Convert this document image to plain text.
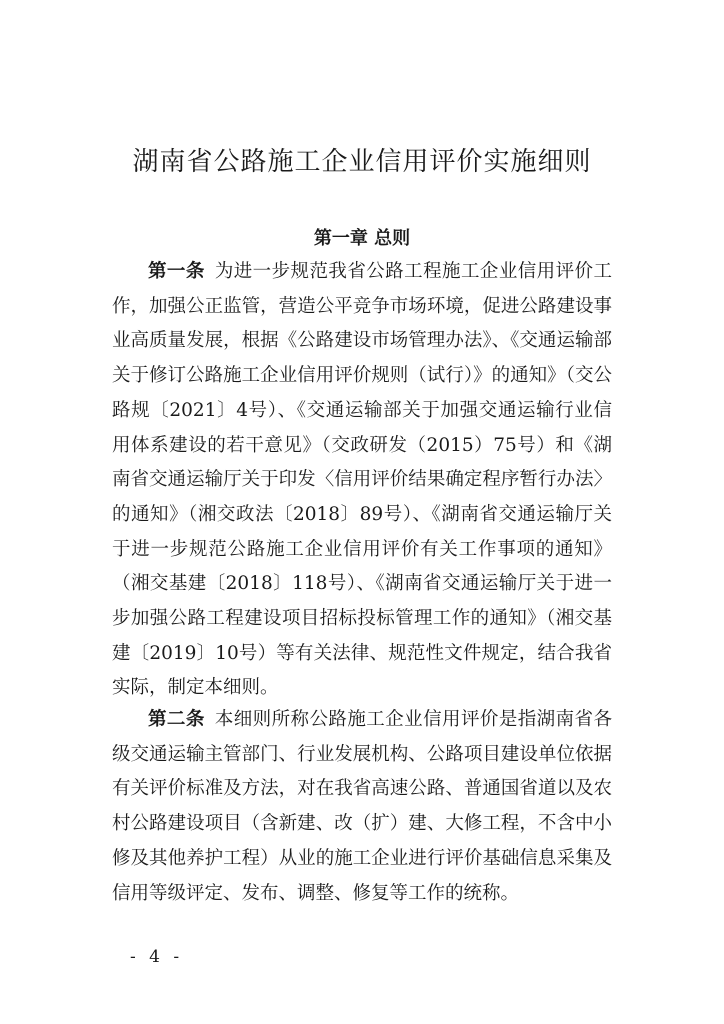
湖南省公路施工企业信用评价实施细则
第一章 总则

第一条 为进一步规范我省公路工程施工企业信用评价工作，加强公正监管，营造公平竞争市场环境，促进公路建设事业高质量发展，根据《公路建设市场管理办法》、《交通运输部关于修订公路施工企业信用评价规则（试行）》的通知》（交公路规〔2021〕4号）、《交通运输部关于加强交通运输行业信用体系建设的若干意见》（交政研发（2015）75号）和《湖南省交通运输厅关于印发〈信用评价结果确定程序暂行办法〉的通知》（湘交政法〔2018〕89号）、《湖南省交通运输厅关于进一步规范公路施工企业信用评价有关工作事项的通知》（湘交基建〔2018〕118号）、《湖南省交通运输厅关于进一步加强公路工程建设项目招标投标管理工作的通知》（湘交基建〔2019〕10号）等有关法律、规范性文件规定，结合我省实际，制定本细则。

第二条 本细则所称公路施工企业信用评价是指湖南省各级交通运输主管部门、行业发展机构、公路项目建设单位依据有关评价标准及方法，对在我省高速公路、普通国省道以及农村公路建设项目（含新建、改（扩）建、大修工程，不含中小修及其他养护工程）从业的施工企业进行评价基础信息采集及信用等级评定、发布、调整、修复等工作的统称。

- 4 -
